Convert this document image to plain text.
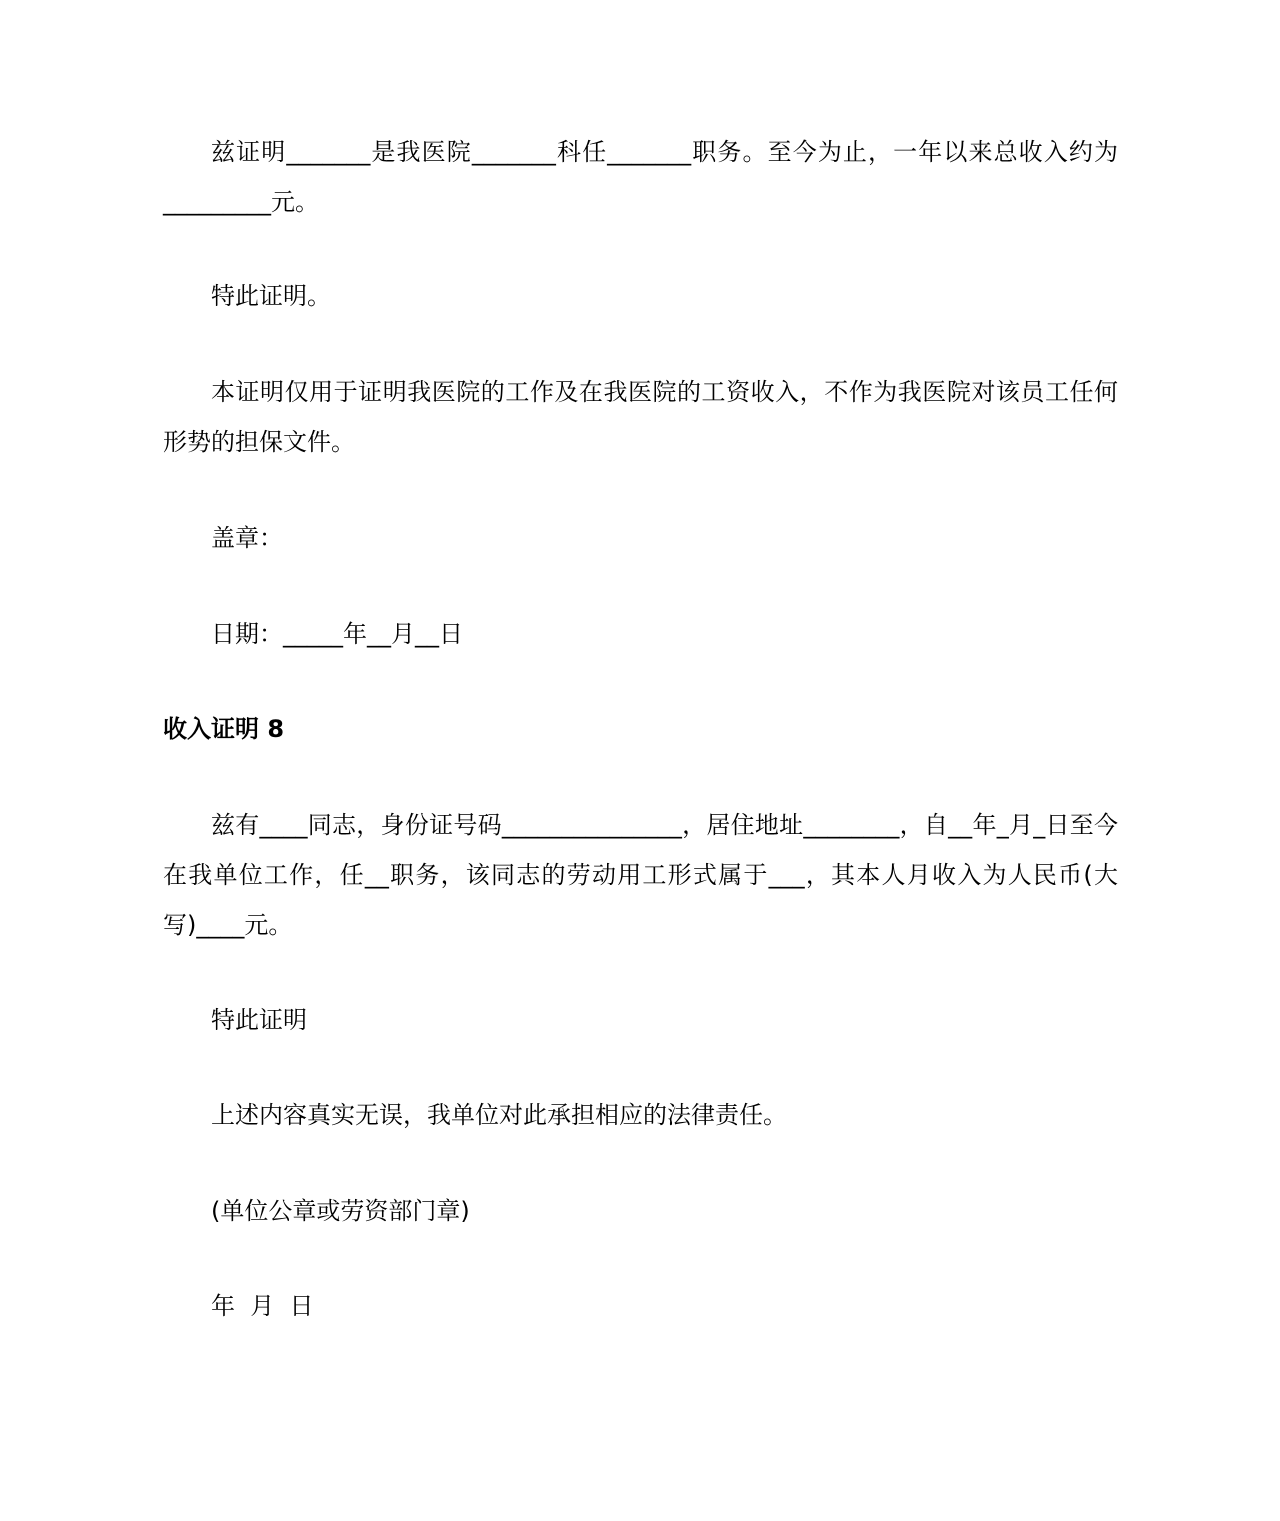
兹证明_______是我医院_______科任_______职务。至今为止，一年以来总收入约为_________元。

特此证明。

本证明仅用于证明我医院的工作及在我医院的工资收入，不作为我医院对该员工任何形势的担保文件。

盖章：

日期：_____年__月__日

收入证明 8

兹有____同志，身份证号码_______________，居住地址________，自__年_月_日至今在我单位工作，任__职务，该同志的劳动用工形式属于___，其本人月收入为人民币(大写)____元。

特此证明

上述内容真实无误，我单位对此承担相应的法律责任。

(单位公章或劳资部门章)

年  月  日
